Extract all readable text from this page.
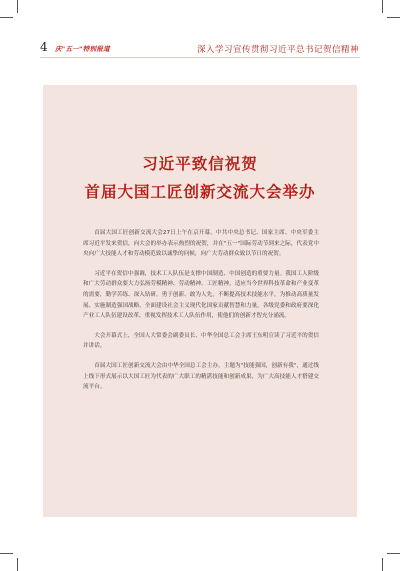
4 庆"五一"特别报道	深入学习宣传贯彻习近平总书记贺信精神
习近平致信祝贺
首届大国工匠创新交流大会举办

首届大国工匠创新交流大会27日上午在京开幕。中共中央总书记、国家主席、中央军委主席习近平发来贺信，向大会的举办表示热烈的祝贺，并在"五一"国际劳动节到来之际，代表党中央向广大技能人才和劳动模范致以诚挚的问候，向广大劳动群众致以节日的祝贺。

习近平在贺信中强调，技术工人队伍是支撑中国制造、中国创造的重要力量。我国工人阶级和广大劳动群众要大力弘扬劳模精神、劳动精神、工匠精神，适应当今世界科技革命和产业变革的需要，勤学苦练、深入钻研，勇于创新、敢为人先，不断提高技术技能水平，为推动高质量发展、实施制造强国战略、全面建设社会主义现代化国家贡献智慧和力量。各级党委和政府要深化产业工人队伍建设改革，重视发挥技术工人队伍作用，使他们的创新才智充分涌流。

大会开幕式上，全国人大常委会副委员长、中华全国总工会主席王东明宣读了习近平的贺信并讲话。

首届大国工匠创新交流大会由中华全国总工会主办，主题为"技能强国，创新有我"，通过线上线下形式展示以大国工匠为代表的广大职工的精湛技能和创新成果，为广大高技能人才搭建交流平台。
